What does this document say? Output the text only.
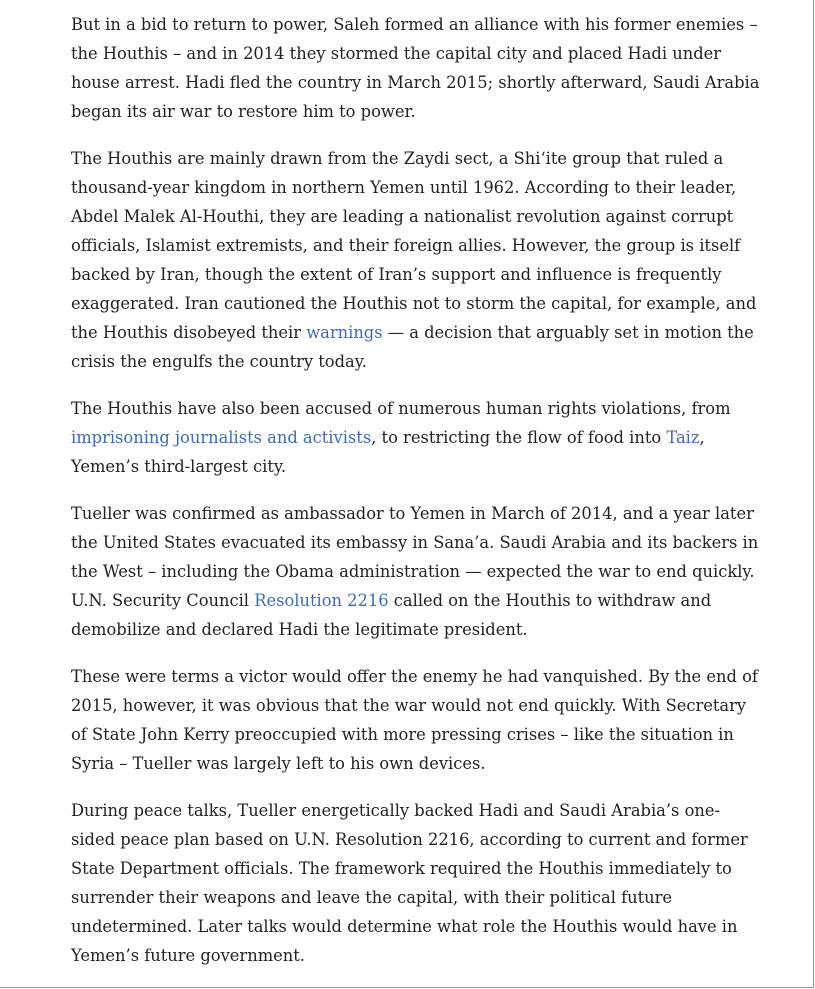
But in a bid to return to power, Saleh formed an alliance with his former enemies – the Houthis – and in 2014 they stormed the capital city and placed Hadi under house arrest. Hadi fled the country in March 2015; shortly afterward, Saudi Arabia began its air war to restore him to power.

The Houthis are mainly drawn from the Zaydi sect, a Shi‘ite group that ruled a thousand-year kingdom in northern Yemen until 1962. According to their leader, Abdel Malek Al-Houthi, they are leading a nationalist revolution against corrupt officials, Islamist extremists, and their foreign allies. However, the group is itself backed by Iran, though the extent of Iran’s support and influence is frequently exaggerated. Iran cautioned the Houthis not to storm the capital, for example, and the Houthis disobeyed their warnings — a decision that arguably set in motion the crisis the engulfs the country today.

The Houthis have also been accused of numerous human rights violations, from imprisoning journalists and activists, to restricting the flow of food into Taiz, Yemen’s third-largest city.

Tueller was confirmed as ambassador to Yemen in March of 2014, and a year later the United States evacuated its embassy in Sana’a. Saudi Arabia and its backers in the West – including the Obama administration — expected the war to end quickly. U.N. Security Council Resolution 2216 called on the Houthis to withdraw and demobilize and declared Hadi the legitimate president.

These were terms a victor would offer the enemy he had vanquished. By the end of 2015, however, it was obvious that the war would not end quickly. With Secretary of State John Kerry preoccupied with more pressing crises – like the situation in Syria – Tueller was largely left to his own devices.

During peace talks, Tueller energetically backed Hadi and Saudi Arabia’s one-sided peace plan based on U.N. Resolution 2216, according to current and former State Department officials. The framework required the Houthis immediately to surrender their weapons and leave the capital, with their political future undetermined. Later talks would determine what role the Houthis would have in Yemen’s future government.
